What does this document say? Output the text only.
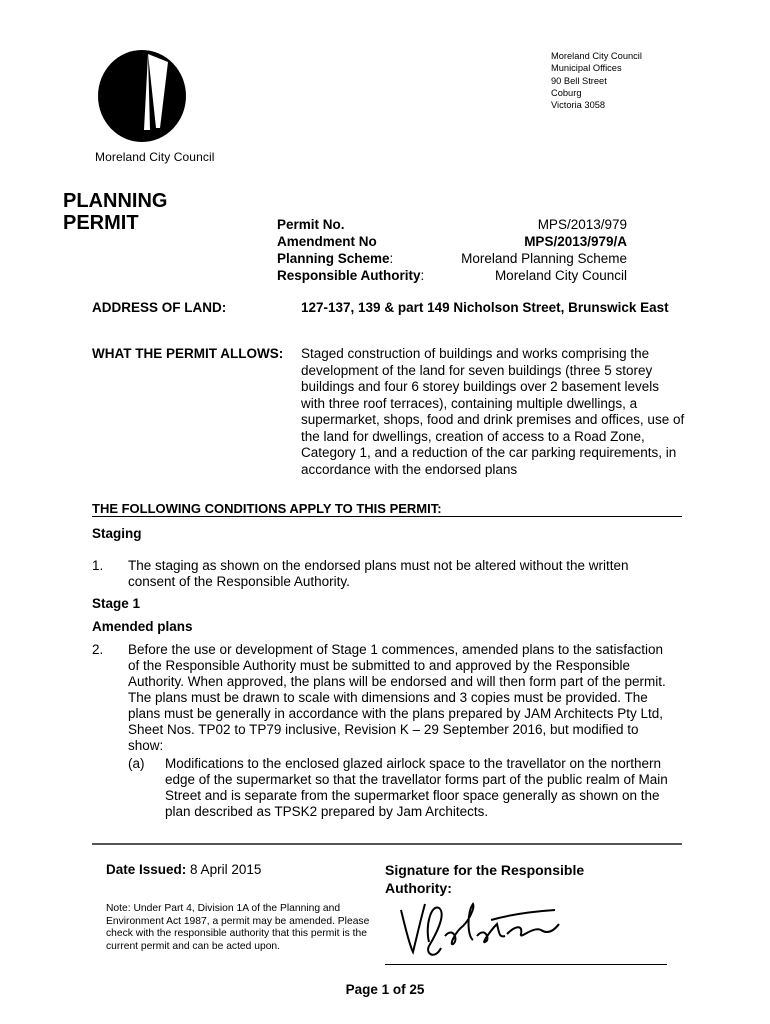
Moreland City Council
Moreland City Council
Municipal Offices
90 Bell Street
Coburg
Victoria 3058
PLANNING
PERMIT	Permit No.	MPS/2013/979
Amendment No	MPS/2013/979/A
Planning Scheme:	Moreland Planning Scheme
Responsible Authority:	Moreland City Council
ADDRESS OF LAND:	127-137, 139 & part 149 Nicholson Street, Brunswick East
WHAT THE PERMIT ALLOWS: Staged construction of buildings and works comprising the development of the land for seven buildings (three 5 storey buildings and four 6 storey buildings over 2 basement levels with three roof terraces), containing multiple dwellings, a supermarket, shops, food and drink premises and offices, use of the land for dwellings, creation of access to a Road Zone, Category 1, and a reduction of the car parking requirements, in accordance with the endorsed plans
THE FOLLOWING CONDITIONS APPLY TO THIS PERMIT:
Staging
1. The staging as shown on the endorsed plans must not be altered without the written consent of the Responsible Authority.
Stage 1
Amended plans
2. Before the use or development of Stage 1 commences, amended plans to the satisfaction of the Responsible Authority must be submitted to and approved by the Responsible Authority. When approved, the plans will be endorsed and will then form part of the permit. The plans must be drawn to scale with dimensions and 3 copies must be provided. The plans must be generally in accordance with the plans prepared by JAM Architects Pty Ltd, Sheet Nos. TP02 to TP79 inclusive, Revision K – 29 September 2016, but modified to show:
(a) Modifications to the enclosed glazed airlock space to the travellator on the northern edge of the supermarket so that the travellator forms part of the public realm of Main Street and is separate from the supermarket floor space generally as shown on the plan described as TPSK2 prepared by Jam Architects.
Date Issued: 8 April 2015	Signature for the Responsible Authority:
Note: Under Part 4, Division 1A of the Planning and Environment Act 1987, a permit may be amended. Please check with the responsible authority that this permit is the current permit and can be acted upon.
Page 1 of 25
